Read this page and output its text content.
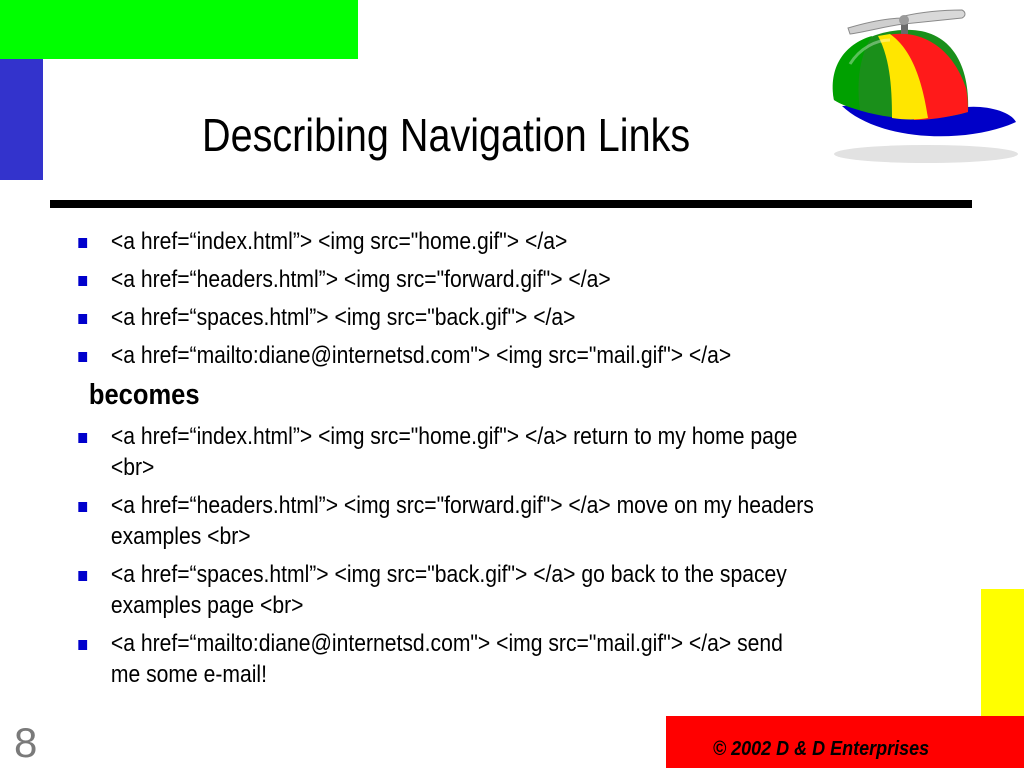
Describing Navigation Links
<a href=“index.html”> <img src="home.gif"> </a>
<a href=“headers.html”> <img src="forward.gif"> </a>
<a href=“spaces.html”> <img src="back.gif"> </a>
<a href=“mailto:diane@internetsd.com"> <img src="mail.gif"> </a>
becomes
<a href=“index.html”> <img src="home.gif"> </a> return to my home page <br>
<a href=“headers.html”> <img src="forward.gif"> </a> move on my headers examples <br>
<a href=“spaces.html”> <img src="back.gif"> </a> go back to the spacey examples page <br>
<a href=“mailto:diane@internetsd.com"> <img src="mail.gif"> </a> send me some e-mail!
© 2002 D & D Enterprises
8
